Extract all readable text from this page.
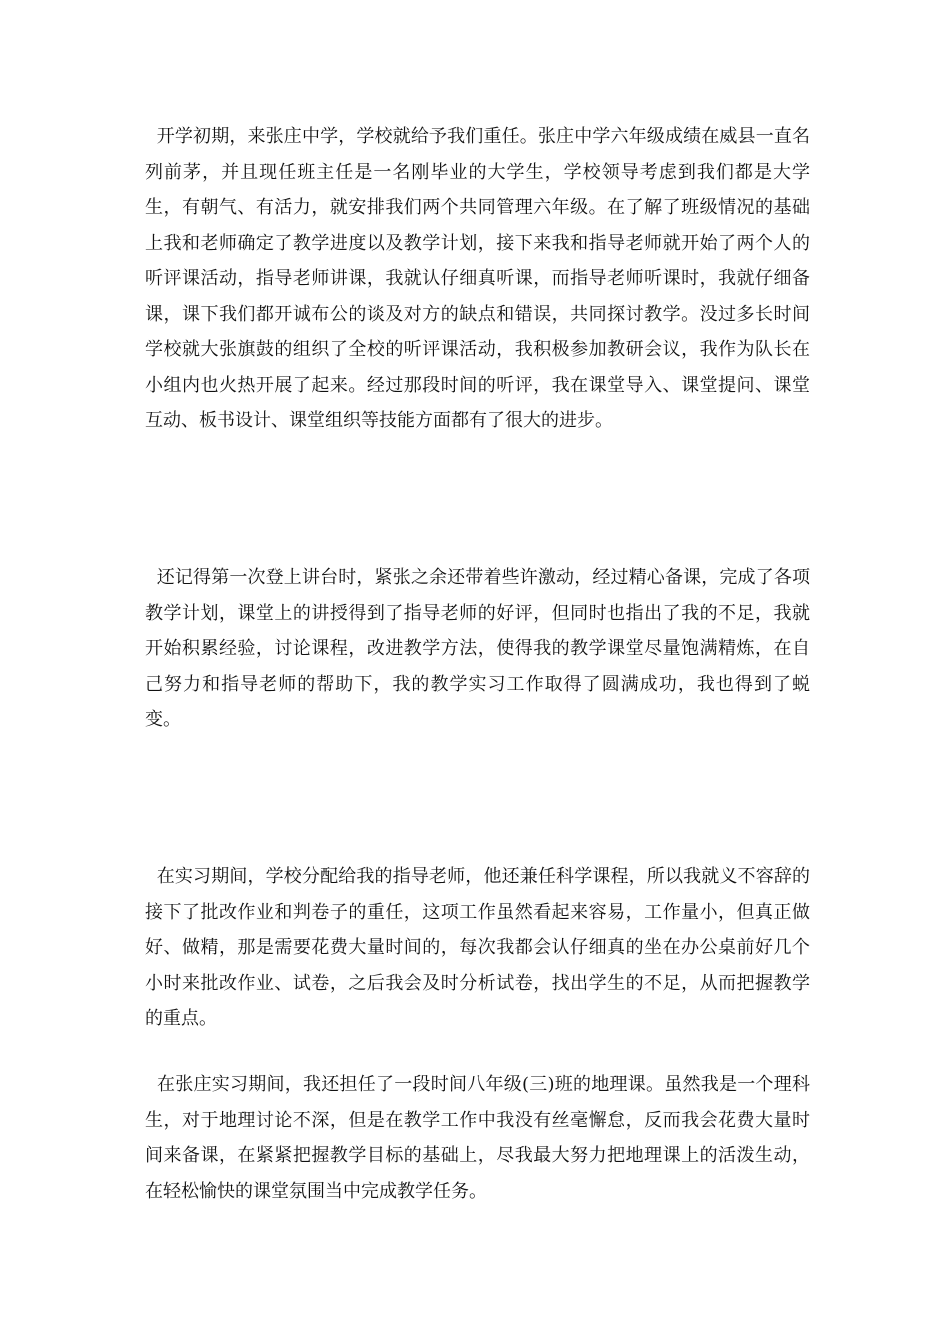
开学初期，来张庄中学，学校就给予我们重任。张庄中学六年级成绩在威县一直名列前茅，并且现任班主任是一名刚毕业的大学生，学校领导考虑到我们都是大学生，有朝气、有活力，就安排我们两个共同管理六年级。在了解了班级情况的基础上我和老师确定了教学进度以及教学计划，接下来我和指导老师就开始了两个人的听评课活动，指导老师讲课，我就认仔细真听课，而指导老师听课时，我就仔细备课，课下我们都开诚布公的谈及对方的缺点和错误，共同探讨教学。没过多长时间学校就大张旗鼓的组织了全校的听评课活动，我积极参加教研会议，我作为队长在小组内也火热开展了起来。经过那段时间的听评，我在课堂导入、课堂提问、课堂互动、板书设计、课堂组织等技能方面都有了很大的进步。

还记得第一次登上讲台时，紧张之余还带着些许激动，经过精心备课，完成了各项教学计划，课堂上的讲授得到了指导老师的好评，但同时也指出了我的不足，我就开始积累经验，讨论课程，改进教学方法，使得我的教学课堂尽量饱满精炼，在自己努力和指导老师的帮助下，我的教学实习工作取得了圆满成功，我也得到了蜕变。

在实习期间，学校分配给我的指导老师，他还兼任科学课程，所以我就义不容辞的接下了批改作业和判卷子的重任，这项工作虽然看起来容易，工作量小，但真正做好、做精，那是需要花费大量时间的，每次我都会认仔细真的坐在办公桌前好几个小时来批改作业、试卷，之后我会及时分析试卷，找出学生的不足，从而把握教学的重点。

在张庄实习期间，我还担任了一段时间八年级(三)班的地理课。虽然我是一个理科生，对于地理讨论不深，但是在教学工作中我没有丝毫懈怠，反而我会花费大量时间来备课，在紧紧把握教学目标的基础上，尽我最大努力把地理课上的活泼生动，在轻松愉快的课堂氛围当中完成教学任务。
